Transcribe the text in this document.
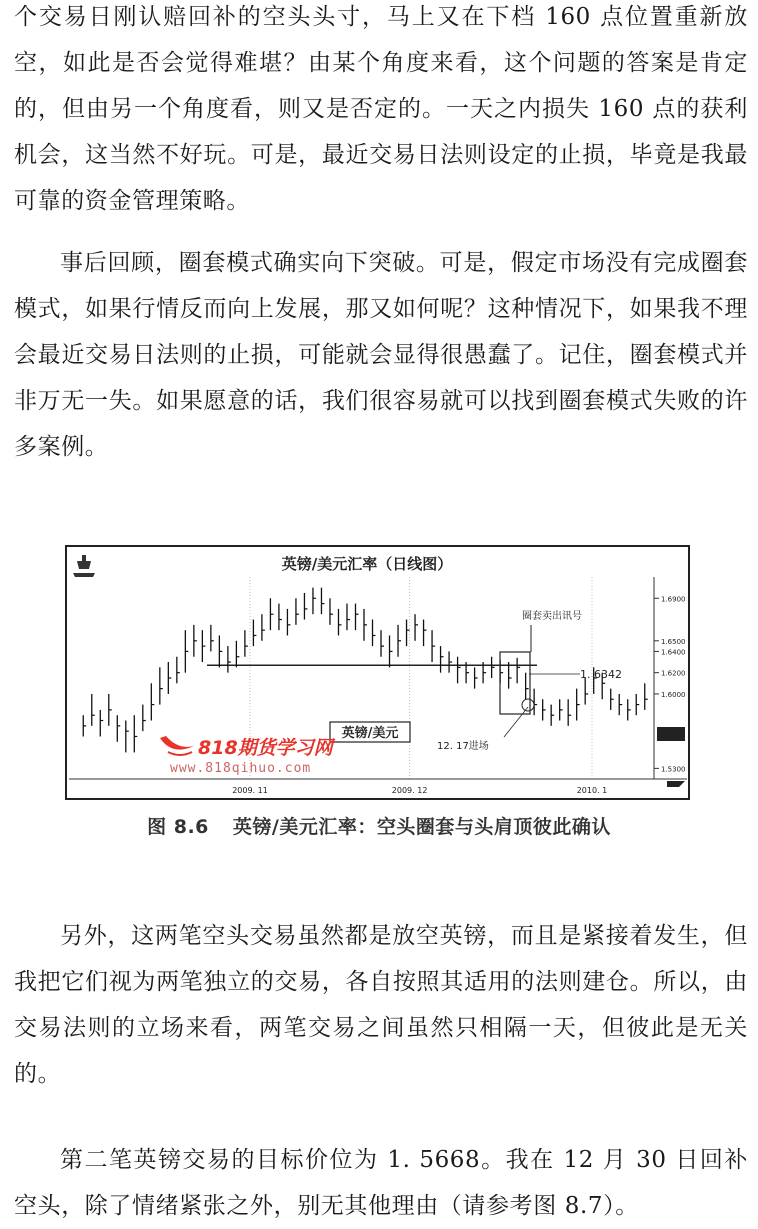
个交易日刚认赔回补的空头头寸，马上又在下档 160 点位置重新放空，如此是否会觉得难堪？由某个角度来看，这个问题的答案是肯定的，但由另一个角度看，则又是否定的。一天之内损失 160 点的获利机会，这当然不好玩。可是，最近交易日法则设定的止损，毕竟是我最可靠的资金管理策略。

事后回顾，圈套模式确实向下突破。可是，假定市场没有完成圈套模式，如果行情反而向上发展，那又如何呢？这种情况下，如果我不理会最近交易日法则的止损，可能就会显得很愚蠢了。记住，圈套模式并非万无一失。如果愿意的话，我们很容易就可以找到圈套模式失败的许多案例。

英镑/美元汇率（日线图）
1.6900
1.6500
1.6400
1.6200
1.6000
1.5300
2009. 11	2009. 12	2010. 1
圈套卖出讯号
1. 6342
12. 17进场
英镑/美元
818期货学习网
www.818qihuo.com
图 8.6 英镑/美元汇率：空头圈套与头肩顶彼此确认

另外，这两笔空头交易虽然都是放空英镑，而且是紧接着发生，但我把它们视为两笔独立的交易，各自按照其适用的法则建仓。所以，由交易法则的立场来看，两笔交易之间虽然只相隔一天，但彼此是无关的。

第二笔英镑交易的目标价位为 1. 5668。我在 12 月 30 日回补空头，除了情绪紧张之外，别无其他理由（请参考图 8.7）。
